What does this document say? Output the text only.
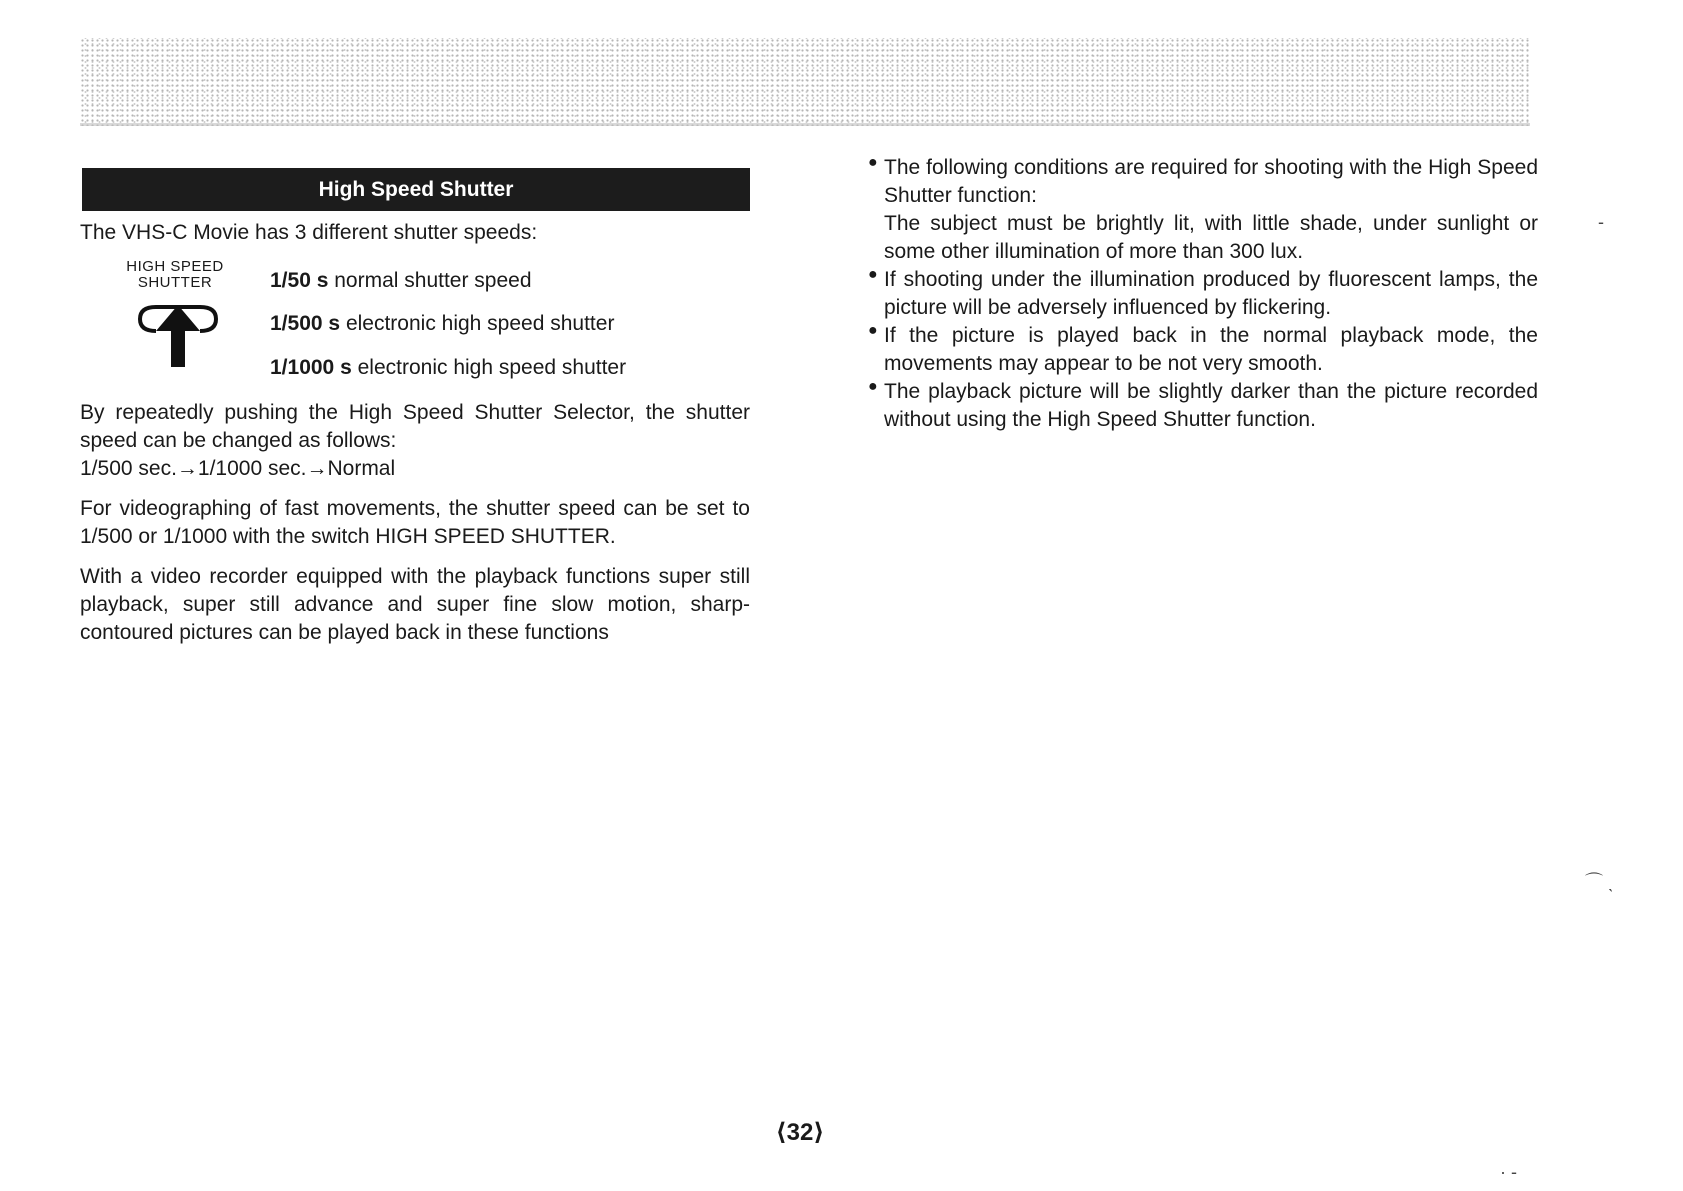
High Speed Shutter

The VHS-C Movie has 3 different shutter speeds:

HIGH SPEED
SHUTTER	1/50 s normal shutter speed
1/500 s electronic high speed shutter
1/1000 s electronic high speed shutter

By repeatedly pushing the High Speed Shutter Selector, the shutter speed can be changed as follows:

1/500 sec.→1/1000 sec.→Normal

For videographing of fast movements, the shutter speed can be set to 1/500 or 1/1000 with the switch HIGH SPEED SHUTTER.

With a video recorder equipped with the playback functions super still playback, super still advance and super fine slow motion, sharp-contoured pictures can be played back in these functions

● The following conditions are required for shooting with the High Speed Shutter function:

The subject must be brightly lit, with little shade, under sunlight or some other illumination of more than 300 lux.

● If shooting under the illumination produced by fluorescent lamps, the picture will be adversely influenced by flickering.

● If the picture is played back in the normal playback mode, the movements may appear to be not very smooth.

● The playback picture will be slightly darker than the picture recorded without using the High Speed Shutter function.

⟨32⟩
‐
⌒ ˎ
· ‐
